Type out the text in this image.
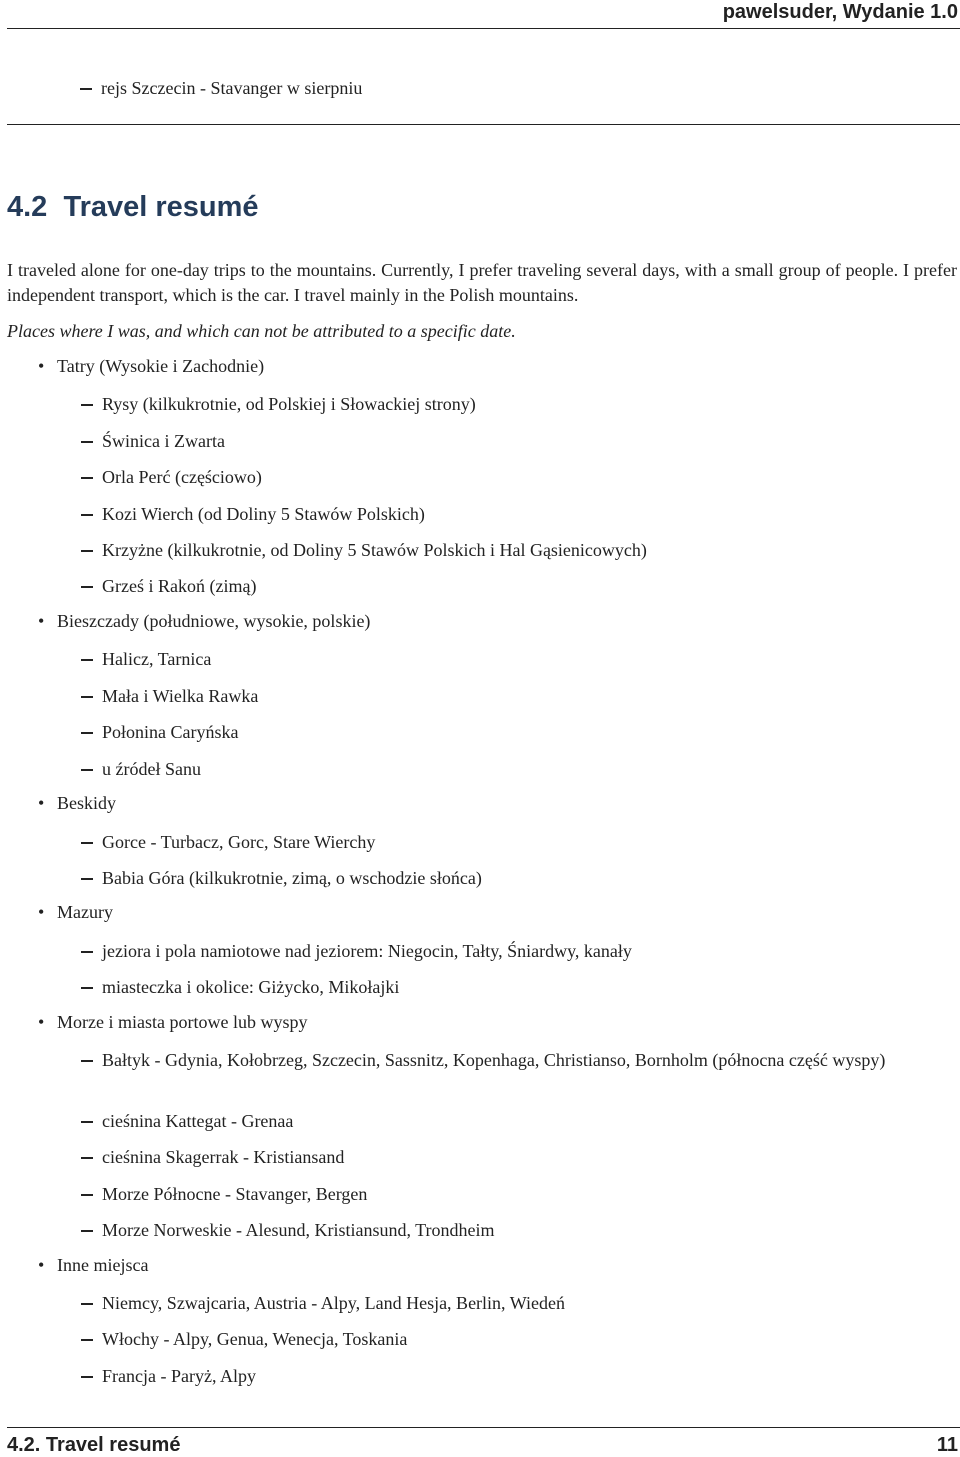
pawelsuder, Wydanie 1.0
rejs Szczecin - Stavanger w sierpniu
4.2 Travel resumé

I traveled alone for one-day trips to the mountains. Currently, I prefer traveling several days, with a small group of people. I prefer independent transport, which is the car. I travel mainly in the Polish mountains.

Places where I was, and which can not be attributed to a specific date.

• Tatry (Wysokie i Zachodnie)
Rysy (kilkukrotnie, od Polskiej i Słowackiej strony)
Świnica i Zwarta
Orla Perć (częściowo)
Kozi Wierch (od Doliny 5 Stawów Polskich)
Krzyżne (kilkukrotnie, od Doliny 5 Stawów Polskich i Hal Gąsienicowych)
Grześ i Rakoń (zimą)
• Bieszczady (południowe, wysokie, polskie)
Halicz, Tarnica
Mała i Wielka Rawka
Połonina Caryńska
u źródeł Sanu
• Beskidy
Gorce - Turbacz, Gorc, Stare Wierchy
Babia Góra (kilkukrotnie, zimą, o wschodzie słońca)
• Mazury
jeziora i pola namiotowe nad jeziorem: Niegocin, Tałty, Śniardwy, kanały
miasteczka i okolice: Giżycko, Mikołajki
• Morze i miasta portowe lub wyspy
Bałtyk - Gdynia, Kołobrzeg, Szczecin, Sassnitz, Kopenhaga, Christianso, Bornholm (północna część wyspy)
cieśnina Kattegat - Grenaa
cieśnina Skagerrak - Kristiansand
Morze Północne - Stavanger, Bergen
Morze Norweskie - Alesund, Kristiansund, Trondheim
• Inne miejsca
Niemcy, Szwajcaria, Austria - Alpy, Land Hesja, Berlin, Wiedeń
Włochy - Alpy, Genua, Wenecja, Toskania
Francja - Paryż, Alpy
4.2. Travel resumé	11
